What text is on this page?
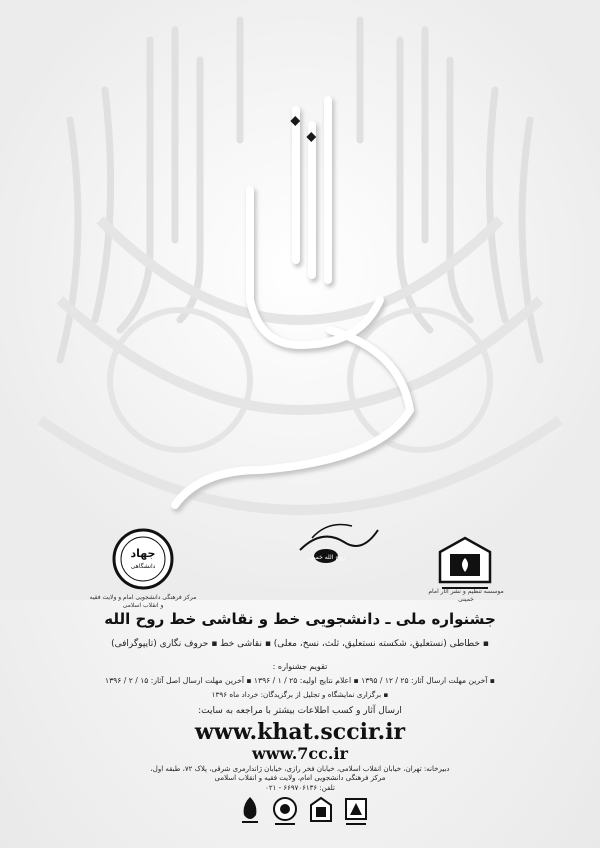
روح الله خمینی
جهاد
دانشگاهی
مرکز فرهنگی دانشجویی امام و ولایت فقیه و انقلاب اسلامی
موسسه تنظیم و نشر آثار امام خمینی
جشنواره ملی ـ دانشجویی خط و نقاشی خط روح الله
▪ خطاطی (نستعلیق، شکسته نستعلیق، ثلث، نسخ، معلی) ▪ نقاشی خط ▪ حروف نگاری (تایپوگرافی)
تقویم جشنواره :
▪ آخرین مهلت ارسال آثار: ۲۵ / ۱۲ / ۱۳۹۵ ▪ اعلام نتایج اولیه: ۲۵ / ۱ / ۱۳۹۶ ▪ آخرین مهلت ارسال اصل آثار: ۱۵ / ۲ / ۱۳۹۶
▪ برگزاری نمایشگاه و تجلیل از برگزیدگان: خرداد ماه ۱۳۹۶
ارسال آثار و کسب اطلاعات بیشتر با مراجعه به سایت:
www.khat.sccir.ir
www.7cc.ir
دبیرخانه: تهران، خیابان انقلاب اسلامی، خیابان فخر رازی، خیابان ژاندارمری شرقی، پلاک ۷۲، طبقه اول،
مرکز فرهنگی دانشجویی امام، ولایت فقیه و انقلاب اسلامی
تلفن: ۶۶۹۷۰۶۱۳۶ - ۰۲۱
